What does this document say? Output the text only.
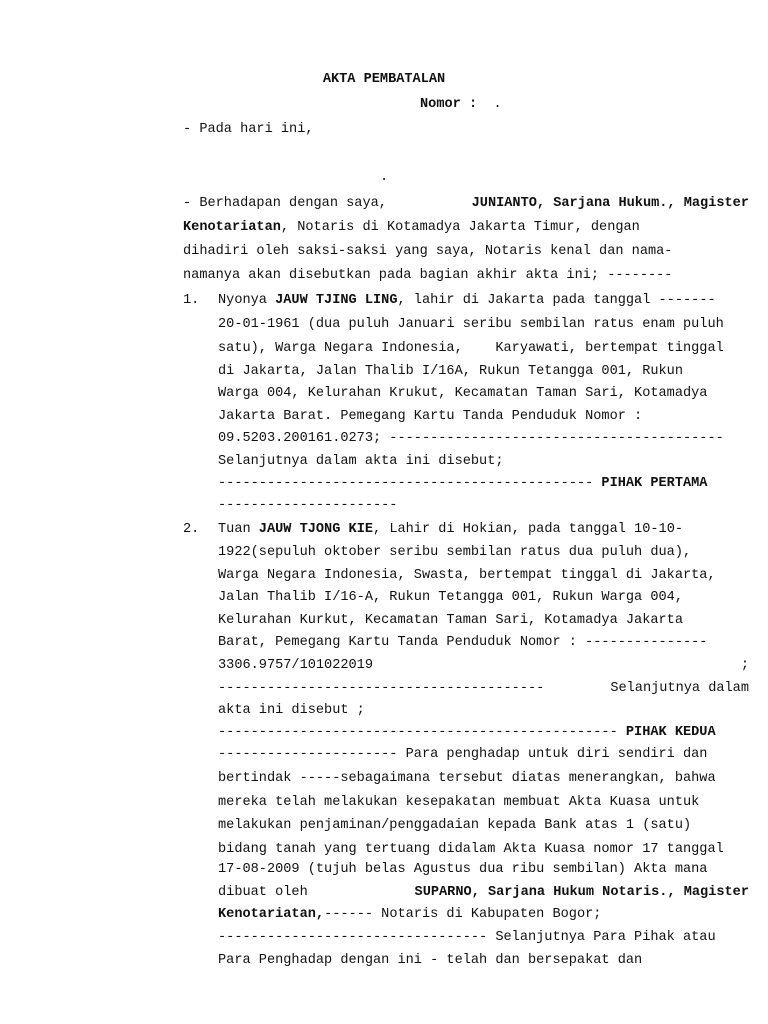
AKTA PEMBATALAN
Nomor : .
- Pada hari ini,
.
- Berhadapan dengan saya,	JUNIANTO, Sarjana Hukum., Magister
Kenotariatan, Notaris di Kotamadya Jakarta Timur, dengan
dihadiri oleh saksi-saksi yang saya, Notaris kenal dan nama-
namanya akan disebutkan pada bagian akhir akta ini; --------
1. Nyonya JAUW TJING LING, lahir di Jakarta pada tanggal -------
20-01-1961 (dua puluh Januari seribu sembilan ratus enam puluh
satu), Warga Negara Indonesia,    Karyawati, bertempat tinggal
di Jakarta, Jalan Thalib I/16A, Rukun Tetangga 001, Rukun
Warga 004, Kelurahan Krukut, Kecamatan Taman Sari, Kotamadya
Jakarta Barat. Pemegang Kartu Tanda Penduduk Nomor :
09.5203.200161.0273; -----------------------------------------
Selanjutnya dalam akta ini disebut;
---------------------------------------------- PIHAK PERTAMA
----------------------
2. Tuan JAUW TJONG KIE, Lahir di Hokian, pada tanggal 10-10-
1922(sepuluh oktober seribu sembilan ratus dua puluh dua),
Warga Negara Indonesia, Swasta, bertempat tinggal di Jakarta,
Jalan Thalib I/16-A, Rukun Tetangga 001, Rukun Warga 004,
Kelurahan Kurkut, Kecamatan Taman Sari, Kotamadya Jakarta
Barat, Pemegang Kartu Tanda Penduduk Nomor : ---------------
3306.9757/101022019	;
----------------------------------------	Selanjutnya dalam
akta ini disebut ;
------------------------------------------------- PIHAK KEDUA
---------------------- Para penghadap untuk diri sendiri dan
bertindak -----sebagaimana tersebut diatas menerangkan, bahwa
mereka telah melakukan kesepakatan membuat Akta Kuasa untuk
melakukan penjaminan/penggadaian kepada Bank atas 1 (satu)
bidang tanah yang tertuang didalam Akta Kuasa nomor 17 tanggal
17-08-2009 (tujuh belas Agustus dua ribu sembilan) Akta mana
dibuat oleh	SUPARNO, Sarjana Hukum Notaris., Magister
Kenotariatan,------ Notaris di Kabupaten Bogor;
--------------------------------- Selanjutnya Para Pihak atau
Para Penghadap dengan ini - telah dan bersepakat dan
